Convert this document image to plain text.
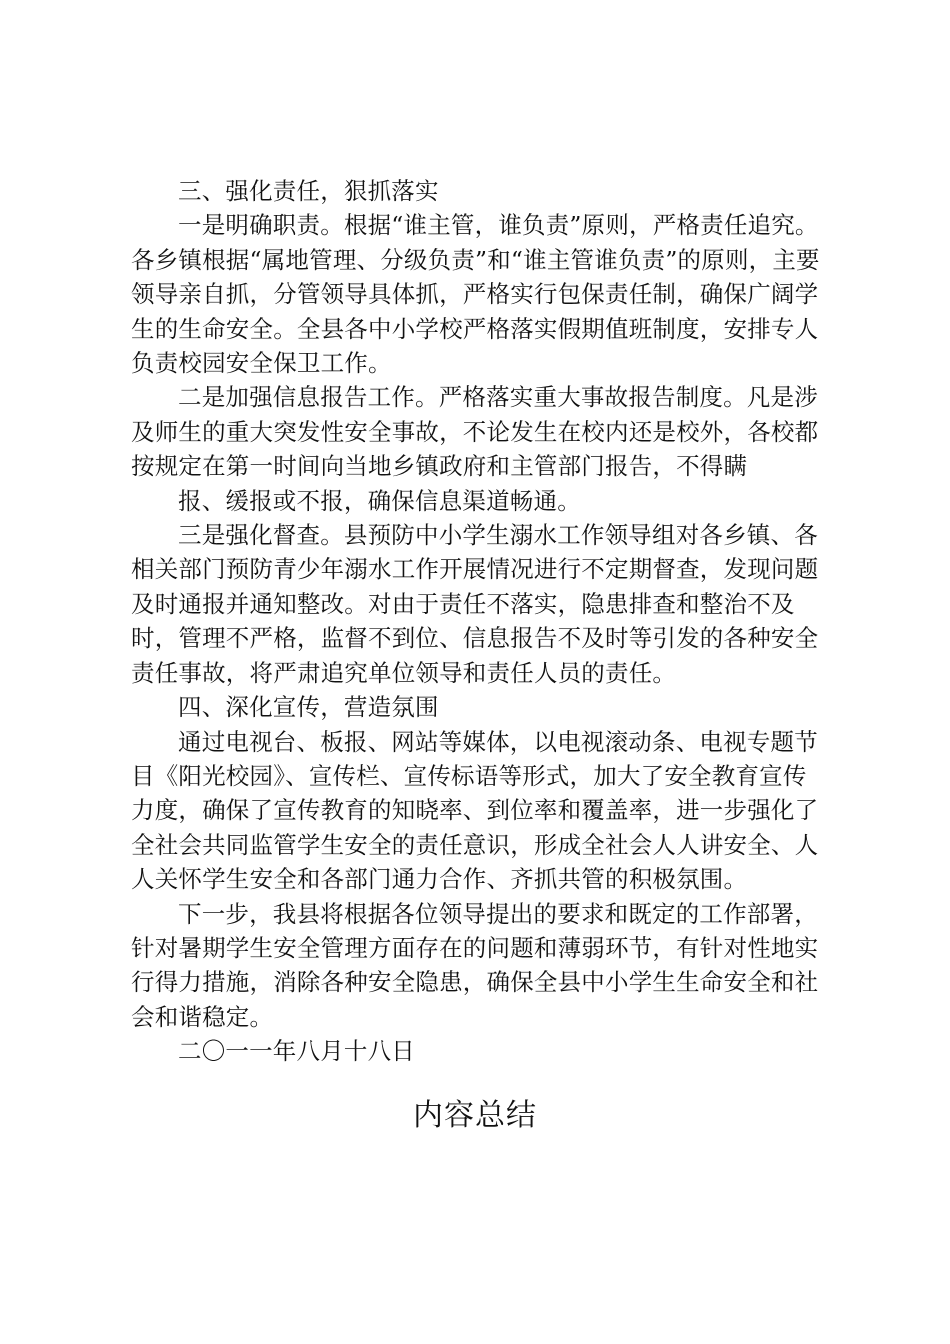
三、强化责任，狠抓落实

一是明确职责。根据“谁主管，谁负责”原则，严格责任追究。各乡镇根据“属地管理、分级负责”和“谁主管谁负责”的原则，主要领导亲自抓，分管领导具体抓，严格实行包保责任制，确保广阔学生的生命安全。全县各中小学校严格落实假期值班制度，安排专人负责校园安全保卫工作。

二是加强信息报告工作。严格落实重大事故报告制度。凡是涉及师生的重大突发性安全事故，不论发生在校内还是校外，各校都按规定在第一时间向当地乡镇政府和主管部门报告，不得瞒

报、缓报或不报，确保信息渠道畅通。

三是强化督查。县预防中小学生溺水工作领导组对各乡镇、各相关部门预防青少年溺水工作开展情况进行不定期督查，发现问题及时通报并通知整改。对由于责任不落实，隐患排查和整治不及时，管理不严格，监督不到位、信息报告不及时等引发的各种安全责任事故，将严肃追究单位领导和责任人员的责任。

四、深化宣传，营造氛围

通过电视台、板报、网站等媒体，以电视滚动条、电视专题节目《阳光校园》、宣传栏、宣传标语等形式，加大了安全教育宣传力度，确保了宣传教育的知晓率、到位率和覆盖率，进一步强化了全社会共同监管学生安全的责任意识，形成全社会人人讲安全、人人关怀学生安全和各部门通力合作、齐抓共管的积极氛围。

下一步，我县将根据各位领导提出的要求和既定的工作部署，针对暑期学生安全管理方面存在的问题和薄弱环节，有针对性地实行得力措施，消除各种安全隐患，确保全县中小学生生命安全和社会和谐稳定。

二〇一一年八月十八日

内容总结
